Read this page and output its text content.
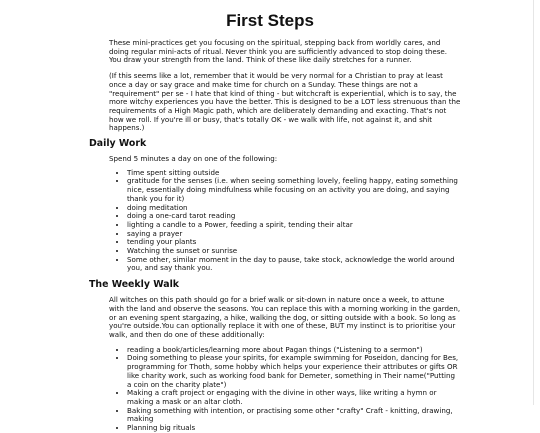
First Steps

These mini-practices get you focusing on the spiritual, stepping back from worldly cares, and doing regular mini-acts of ritual. Never think you are sufficiently advanced to stop doing these. You draw your strength from the land. Think of these like daily stretches for a runner.

(If this seems like a lot, remember that it would be very normal for a Christian to pray at least once a day or say grace and make time for church on a Sunday. These things are not a "requirement" per se - I hate that kind of thing - but witchcraft is experiential, which is to say, the more witchy experiences you have the better. This is designed to be a LOT less strenuous than the requirements of a High Magic path, which are deliberately demanding and exacting. That's not how we roll. If you're ill or busy, that's totally OK - we walk with life, not against it, and shit happens.)

Daily Work

Spend 5 minutes a day on one of the following:

• Time spent sitting outside
• gratitude for the senses (i.e. when seeing something lovely, feeling happy, eating something nice, essentially doing mindfulness while focusing on an activity you are doing, and saying thank you for it)
• doing meditation
• doing a one-card tarot reading
• lighting a candle to a Power, feeding a spirit, tending their altar
• saying a prayer
• tending your plants
• Watching the sunset or sunrise
• Some other, similar moment in the day to pause, take stock, acknowledge the world around you, and say thank you.
The Weekly Walk

All witches on this path should go for a brief walk or sit-down in nature once a week, to attune with the land and observe the seasons. You can replace this with a morning working in the garden, or an evening spent stargazing, a hike, walking the dog, or sitting outside with a book. So long as you're outside.You can optionally replace it with one of these, BUT my instinct is to prioritise your walk, and then do one of these additionally:

• reading a book/articles/learning more about Pagan things ("Listening to a sermon")
• Doing something to please your spirits, for example swimming for Poseidon, dancing for Bes, programming for Thoth, some hobby which helps your experience their attributes or gifts OR like charity work, such as working food bank for Demeter, something in Their name("Putting a coin on the charity plate")
• Making a craft project or engaging with the divine in other ways, like writing a hymn or making a mask or an altar cloth.
• Baking something with intention, or practising some other "crafty" Craft - knitting, drawing, making
• Planning big rituals
